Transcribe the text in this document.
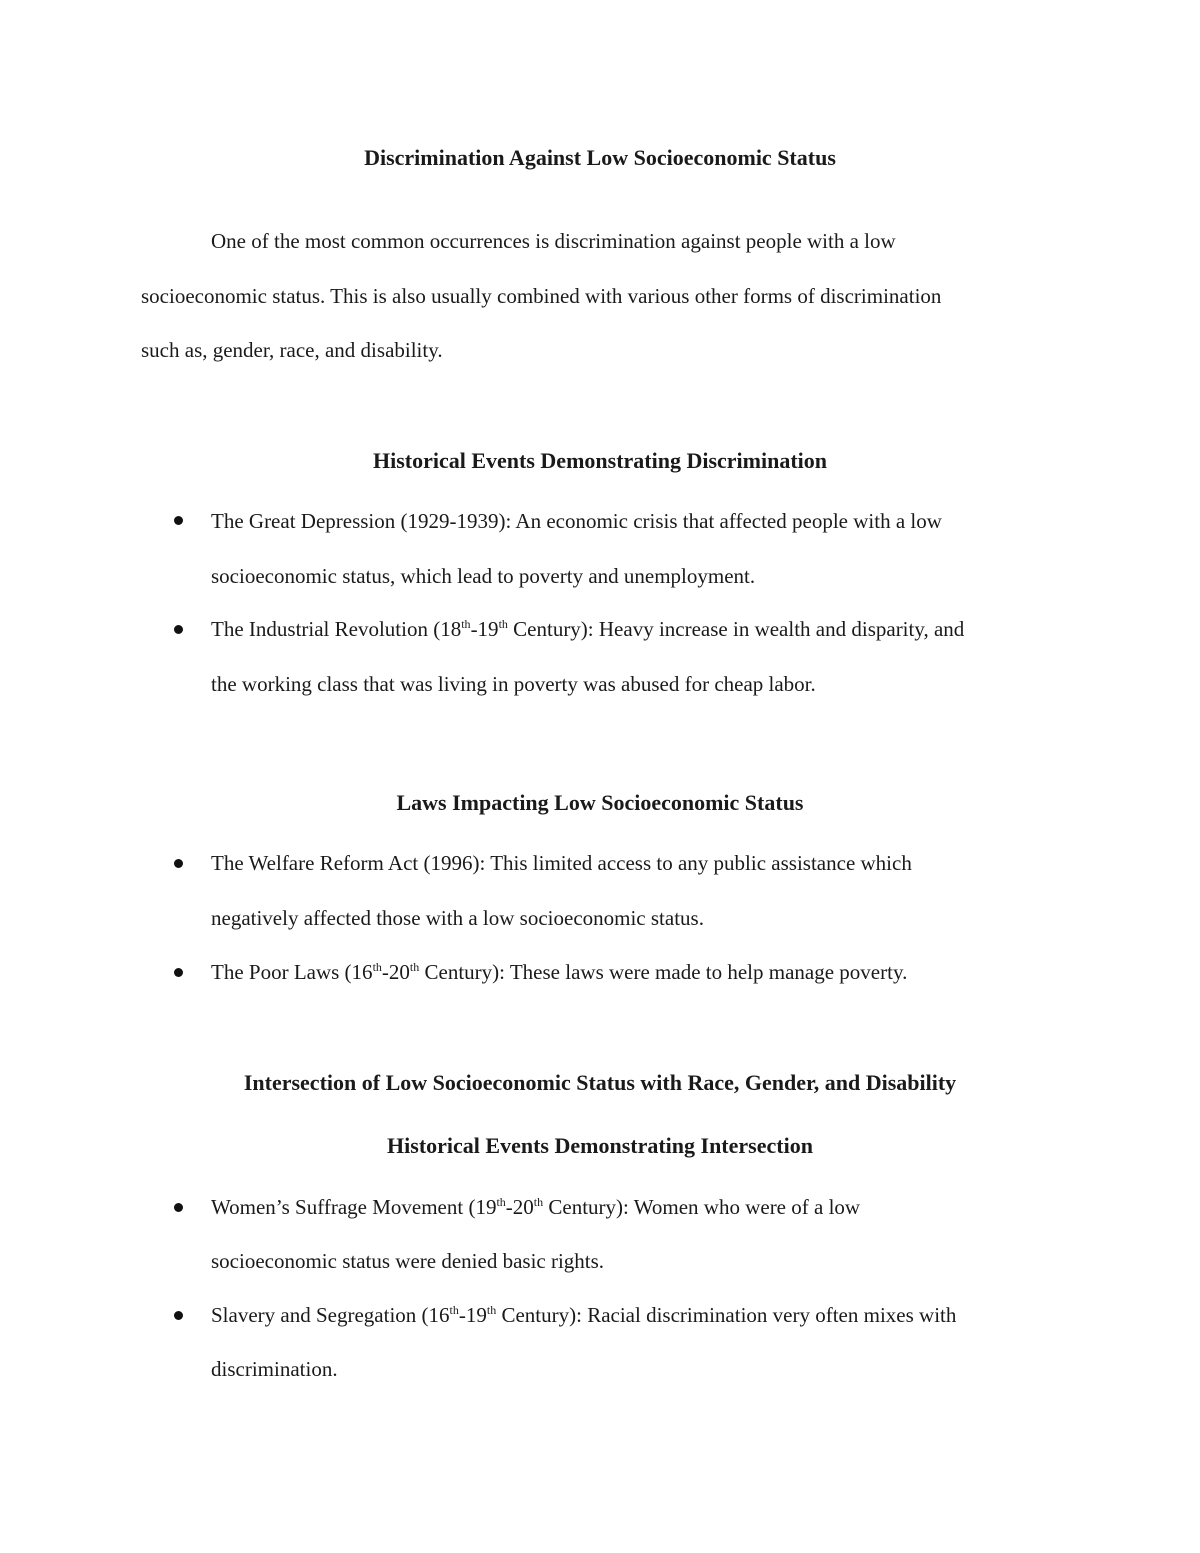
Discrimination Against Low Socioeconomic Status
One of the most common occurrences is discrimination against people with a low
socioeconomic status. This is also usually combined with various other forms of discrimination
such as, gender, race, and disability.
Historical Events Demonstrating Discrimination
The Great Depression (1929-1939): An economic crisis that affected people with a low
socioeconomic status, which lead to poverty and unemployment.
The Industrial Revolution (18th-19th Century): Heavy increase in wealth and disparity, and
the working class that was living in poverty was abused for cheap labor.
Laws Impacting Low Socioeconomic Status
The Welfare Reform Act (1996): This limited access to any public assistance which
negatively affected those with a low socioeconomic status.
The Poor Laws (16th-20th Century): These laws were made to help manage poverty.
Intersection of Low Socioeconomic Status with Race, Gender, and Disability
Historical Events Demonstrating Intersection
Women’s Suffrage Movement (19th-20th Century): Women who were of a low
socioeconomic status were denied basic rights.
Slavery and Segregation (16th-19th Century): Racial discrimination very often mixes with
discrimination.
